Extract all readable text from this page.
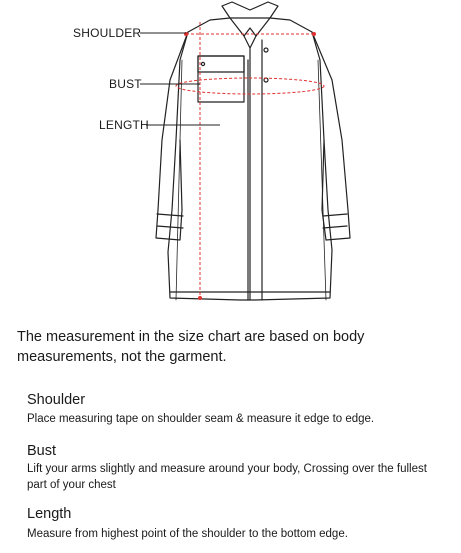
SHOULDER
BUST
LENGTH
The measurement in the size chart are based on body measurements, not the garment.
Shoulder
Place measuring tape on shoulder seam & measure it edge to edge.
Bust
Lift your arms slightly and measure around your body, Crossing over the fullest part of your chest
Length
Measure from highest point of the shoulder to the bottom edge.
